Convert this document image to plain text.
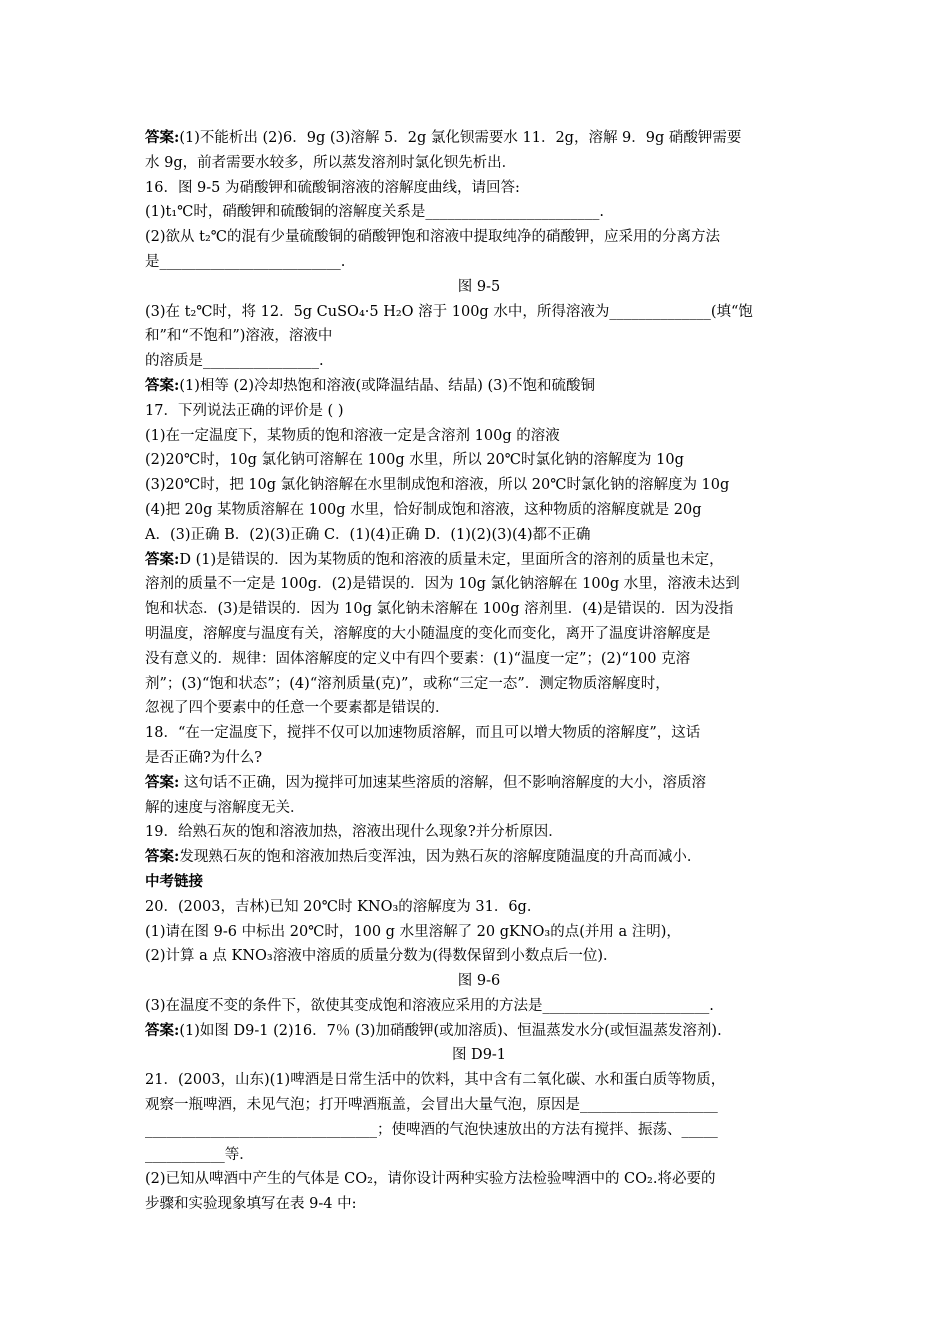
答案:(1)不能析出 (2)6．9g (3)溶解 5．2g 氯化钡需要水 11．2g，溶解 9．9g 硝酸钾需要
水 9g，前者需要水较多，所以蒸发溶剂时氯化钡先析出．
16．图 9-5 为硝酸钾和硫酸铜溶液的溶解度曲线，请回答:
(1)t₁℃时，硝酸钾和硫酸铜的溶解度关系是________________________.
(2)欲从 t₂℃的混有少量硫酸铜的硝酸钾饱和溶液中提取纯净的硝酸钾，应采用的分离方法
是_________________________.
图 9-5
(3)在 t₂℃时，将 12．5g CuSO₄·5 H₂O 溶于 100g 水中，所得溶液为______________(填“饱
和”和“不饱和”)溶液，溶液中
的溶质是________________.
答案:(1)相等 (2)冷却热饱和溶液(或降温结晶、结晶) (3)不饱和硫酸铜
17．下列说法正确的评价是 ( )
(1)在一定温度下，某物质的饱和溶液一定是含溶剂 100g 的溶液
(2)20℃时，10g 氯化钠可溶解在 100g 水里，所以 20℃时氯化钠的溶解度为 10g
(3)20℃时，把 10g 氯化钠溶解在水里制成饱和溶液，所以 20℃时氯化钠的溶解度为 10g
(4)把 20g 某物质溶解在 100g 水里，恰好制成饱和溶液，这种物质的溶解度就是 20g
A．(3)正确 B．(2)(3)正确 C．(1)(4)正确 D．(1)(2)(3)(4)都不正确
答案:D (1)是错误的．因为某物质的饱和溶液的质量未定，里面所含的溶剂的质量也未定，
溶剂的质量不一定是 100g．(2)是错误的．因为 10g 氯化钠溶解在 100g 水里，溶液未达到
饱和状态．(3)是错误的．因为 10g 氯化钠未溶解在 100g 溶剂里．(4)是错误的．因为没指
明温度，溶解度与温度有关，溶解度的大小随温度的变化而变化，离开了温度讲溶解度是
没有意义的．规律：固体溶解度的定义中有四个要素：(1)“温度一定”；(2)“100 克溶
剂”；(3)“饱和状态”；(4)“溶剂质量(克)”，或称“三定一态”．测定物质溶解度时，
忽视了四个要素中的任意一个要素都是错误的．
18．“在一定温度下，搅拌不仅可以加速物质溶解，而且可以增大物质的溶解度”，这话
是否正确?为什么?
答案: 这句话不正确，因为搅拌可加速某些溶质的溶解，但不影响溶解度的大小，溶质溶
解的速度与溶解度无关．
19．给熟石灰的饱和溶液加热，溶液出现什么现象?并分析原因．
答案:发现熟石灰的饱和溶液加热后变浑浊，因为熟石灰的溶解度随温度的升高而减小．
中考链接
20．(2003，吉林)已知 20℃时 KNO₃的溶解度为 31．6g．
(1)请在图 9-6 中标出 20℃时，100 g 水里溶解了 20 gKNO₃的点(并用 a 注明)，
(2)计算 a 点 KNO₃溶液中溶质的质量分数为(得数保留到小数点后一位)．
图 9-6
(3)在温度不变的条件下，欲使其变成饱和溶液应采用的方法是_______________________.
答案:(1)如图 D9-1 (2)16．7％ (3)加硝酸钾(或加溶质)、恒温蒸发水分(或恒温蒸发溶剂).
图 D9-1
21．(2003，山东)(1)啤酒是日常生活中的饮料，其中含有二氧化碳、水和蛋白质等物质，
观察一瓶啤酒，未见气泡；打开啤酒瓶盖，会冒出大量气泡，原因是___________________
________________________________；使啤酒的气泡快速放出的方法有搅拌、振荡、_____
___________等．
(2)已知从啤酒中产生的气体是 CO₂，请你设计两种实验方法检验啤酒中的 CO₂.将必要的
步骤和实验现象填写在表 9-4 中:
